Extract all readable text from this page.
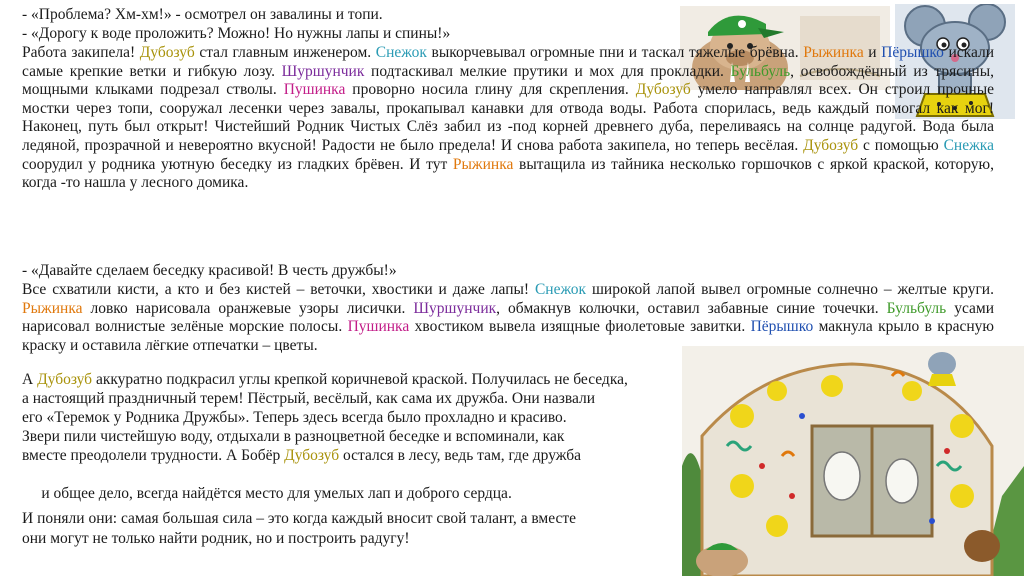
- «Проблема? Хм-хм!» - осмотрел он завалины и топи.

- «Дорогу к воде проложить? Можно! Но нужны лапы и спины!»

Работа закипела! Дубозуб стал главным инженером. Снежок выкорчевывал огромные пни и таскал тяжелые брёвна. Рыжинка и Пёрышко искали самые крепкие ветки и гибкую лозу. Шуршунчик подтаскивал мелкие прутики и мох для прокладки. Бульбуль, освобождённый из трясины, мощными клыками подрезал стволы. Пушинка проворно носила глину для скрепления. Дубозуб умело направлял всех. Он строил прочные мостки через топи, сооружал лесенки через завалы, прокапывал канавки для отвода воды. Работа спорилась, ведь каждый помогал как мог! Наконец, путь был открыт! Чистейший Родник Чистых Слёз забил из -под корней древнего дуба, переливаясь на солнце радугой. Вода была ледяной, прозрачной и невероятно вкусной! Радости не было предела! И снова работа закипела, но теперь весёлая. Дубозуб с помощью Снежка соорудил у родника уютную беседку из гладких брёвен. И тут Рыжинка вытащила из тайника несколько горшочков с яркой краской, которую, когда -то нашла у лесного домика.

- «Давайте сделаем беседку красивой! В честь дружбы!»

Все схватили кисти, а кто и без кистей – веточки, хвостики и даже лапы! Снежок широкой лапой вывел огромные солнечно – желтые круги. Рыжинка ловко нарисовала оранжевые узоры лисички. Шуршунчик, обмакнув колючки, оставил забавные синие точечки. Бульбуль усами нарисовал волнистые зелёные морские полосы. Пушинка хвостиком вывела изящные фиолетовые завитки. Пёрышко макнула крыло в красную краску и оставила лёгкие отпечатки – цветы.

А Дубозуб аккуратно подкрасил углы крепкой коричневой краской. Получилась не беседка,

а настоящий праздничный терем! Пёстрый, весёлый, как сама их дружба. Они назвали

его «Теремок у Родника Дружбы». Теперь здесь всегда было прохладно и красиво.

Звери пили чистейшую воду, отдыхали в разноцветной беседке и вспоминали, как

вместе преодолели трудности. А Бобёр Дубозуб остался в лесу, ведь там, где дружба

и общее дело, всегда найдётся место для умелых лап и доброго сердца.

И поняли они: самая большая сила – это когда каждый вносит свой талант, а вместе

они могут не только найти родник, но и построить радугу!
